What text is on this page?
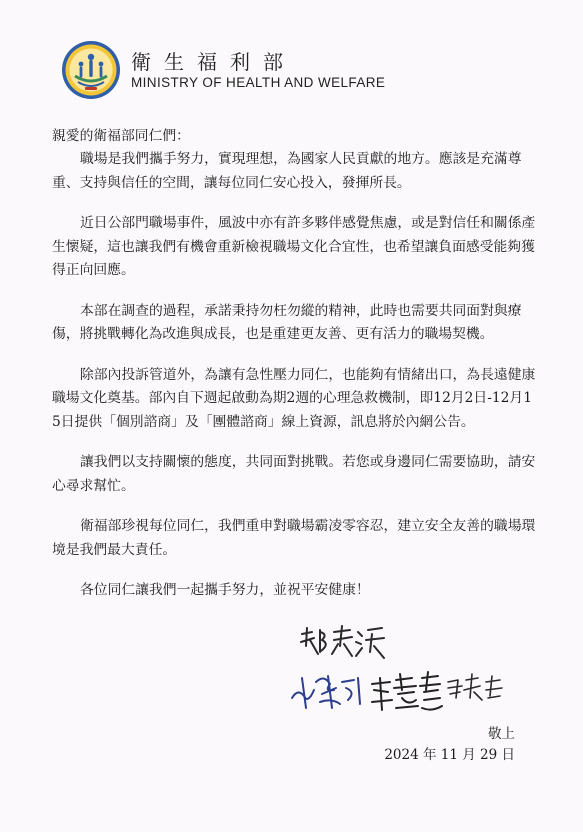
衛生福利部
MINISTRY OF HEALTH AND WELFARE

親愛的衛福部同仁們：

職場是我們攜手努力，實現理想，為國家人民貢獻的地方。應該是充滿尊重、支持與信任的空間，讓每位同仁安心投入，發揮所長。

近日公部門職場事件，風波中亦有許多夥伴感覺焦慮，或是對信任和關係產生懷疑，這也讓我們有機會重新檢視職場文化合宜性，也希望讓負面感受能夠獲得正向回應。

本部在調查的過程，承諾秉持勿枉勿縱的精神，此時也需要共同面對與療傷，將挑戰轉化為改進與成長，也是重建更友善、更有活力的職場契機。

除部內投訴管道外，為讓有急性壓力同仁，也能夠有情緒出口，為長遠健康職場文化奠基。部內自下週起啟動為期2週的心理急救機制，即12月2日-12月15日提供「個別諮商」及「團體諮商」線上資源，訊息將於內網公告。

讓我們以支持關懷的態度，共同面對挑戰。若您或身邊同仁需要協助，請安心尋求幫忙。

衛福部珍視每位同仁，我們重申對職場霸凌零容忍，建立安全友善的職場環境是我們最大責任。

各位同仁讓我們一起攜手努力，並祝平安健康！

敬上
2024 年 11 月 29 日
